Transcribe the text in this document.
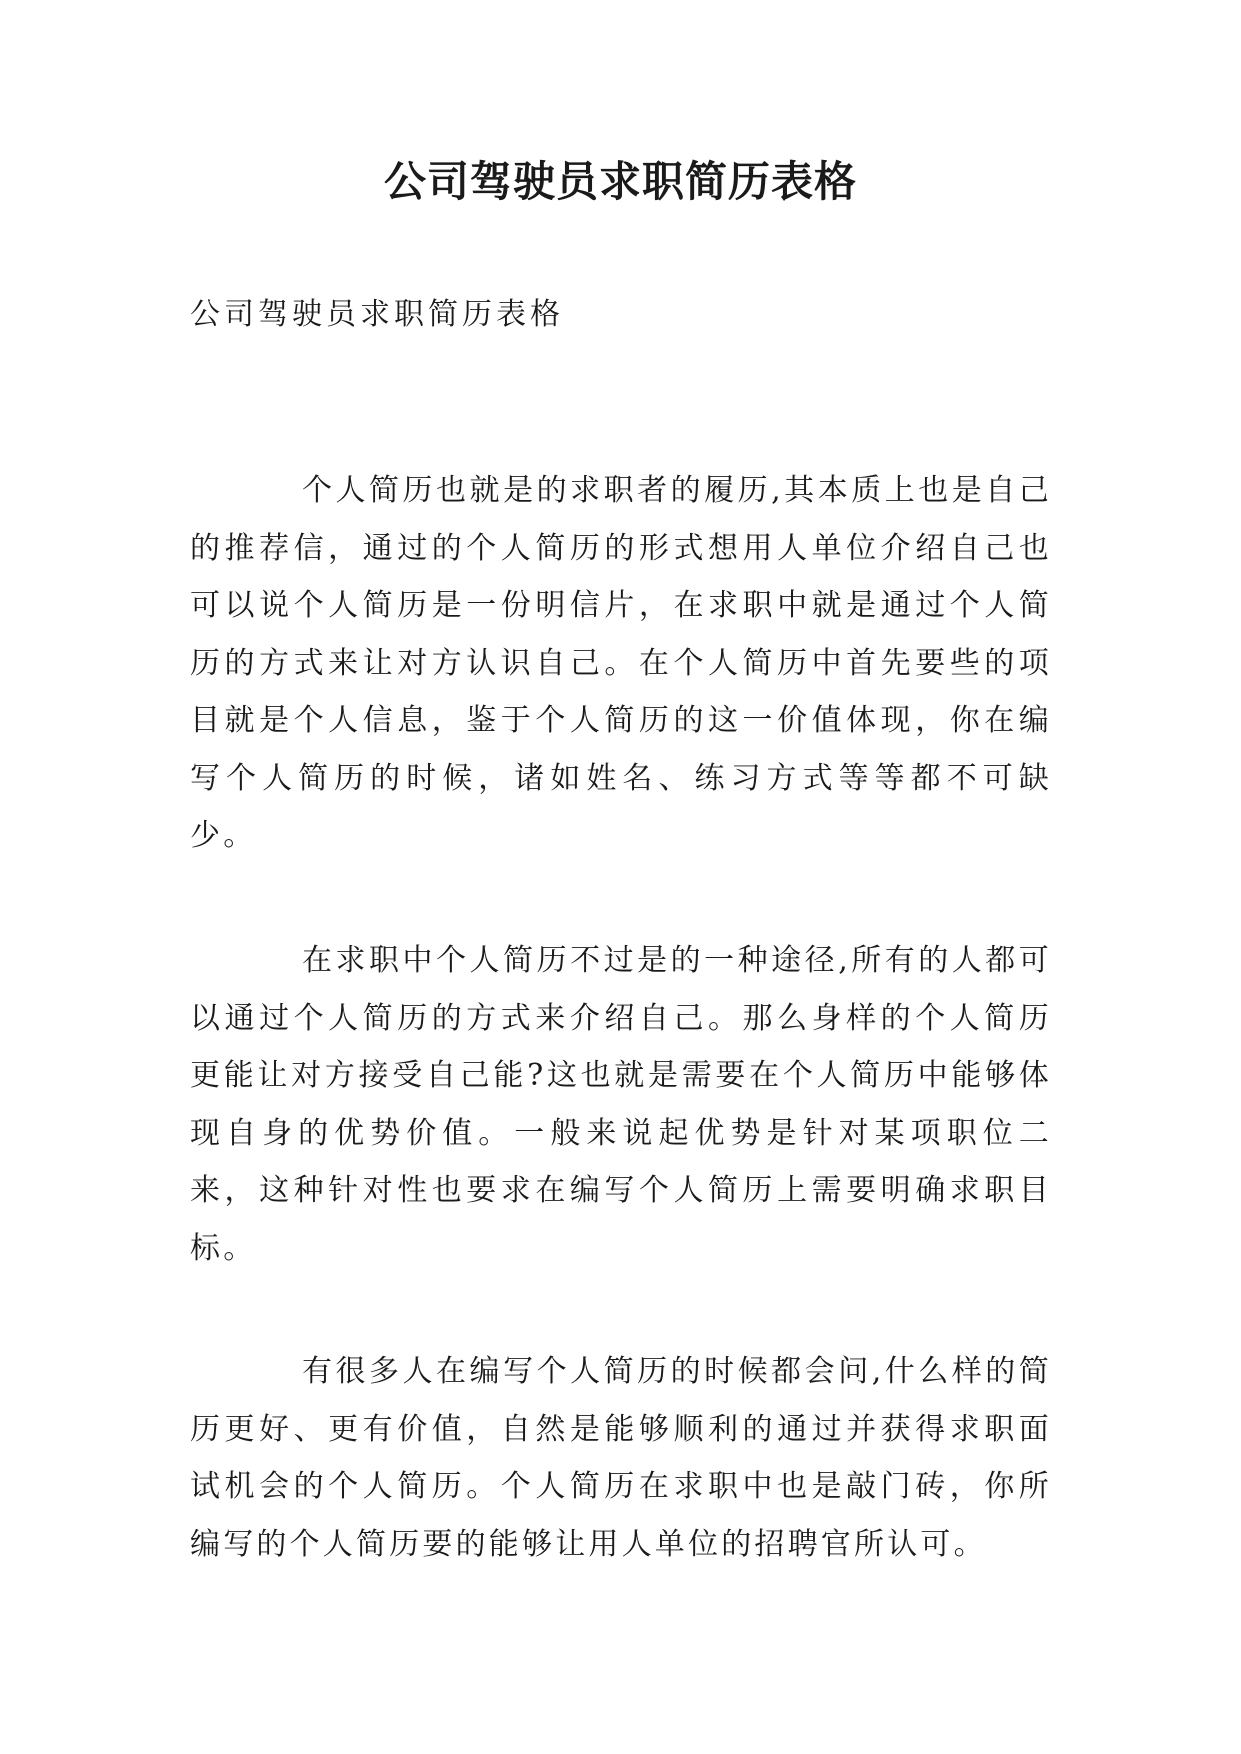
公司驾驶员求职简历表格

公司驾驶员求职简历表格

个人简历也就是的求职者的履历,其本质上也是自己的推荐信，通过的个人简历的形式想用人单位介绍自己也可以说个人简历是一份明信片，在求职中就是通过个人简历的方式来让对方认识自己。在个人简历中首先要些的项目就是个人信息，鉴于个人简历的这一价值体现，你在编写个人简历的时候，诸如姓名、练习方式等等都不可缺少。

在求职中个人简历不过是的一种途径,所有的人都可以通过个人简历的方式来介绍自己。那么身样的个人简历更能让对方接受自己能?这也就是需要在个人简历中能够体现自身的优势价值。一般来说起优势是针对某项职位二来，这种针对性也要求在编写个人简历上需要明确求职目标。

有很多人在编写个人简历的时候都会问,什么样的简历更好、更有价值，自然是能够顺利的通过并获得求职面试机会的个人简历。个人简历在求职中也是敲门砖，你所编写的个人简历要的能够让用人单位的招聘官所认可。
